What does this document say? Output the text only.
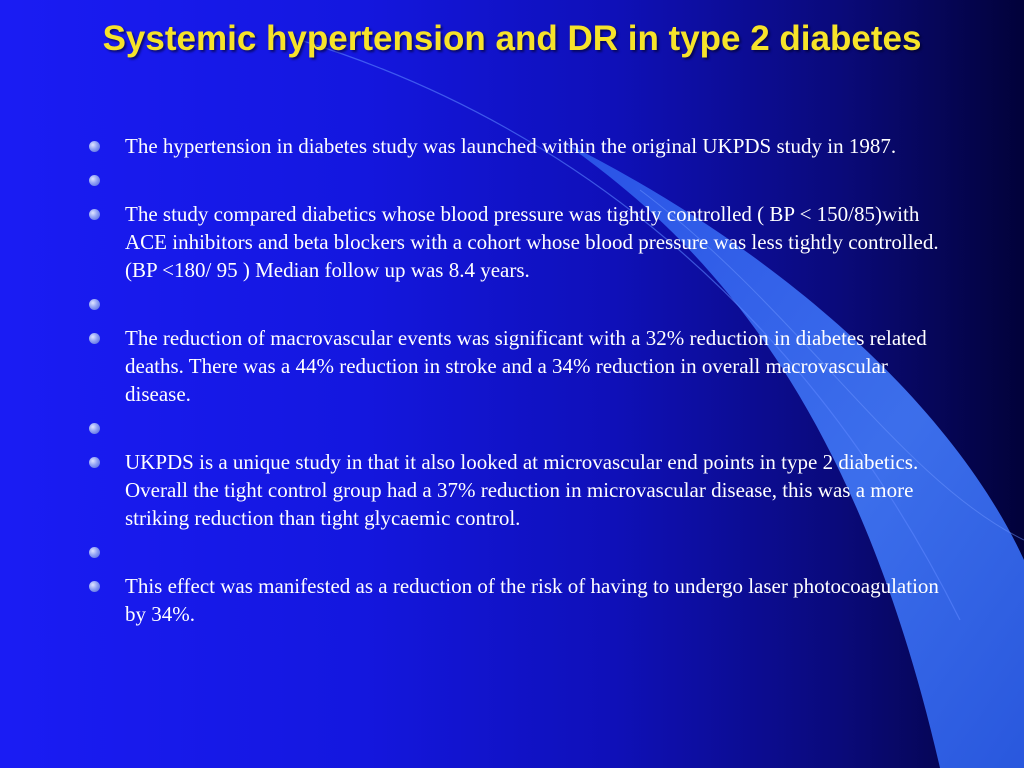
Systemic hypertension and DR in type 2 diabetes
The hypertension in diabetes study was launched within the original UKPDS study in 1987.
The study compared diabetics whose blood pressure was tightly controlled ( BP < 150/85)with ACE inhibitors and beta blockers with a cohort whose blood pressure was less tightly controlled. (BP <180/ 95 ) Median follow up was 8.4 years.
The reduction of macrovascular events was significant with a 32% reduction in diabetes related deaths. There was a 44% reduction in stroke and a 34% reduction in overall macrovascular disease.
UKPDS is a unique study in that it also looked at microvascular end points in type 2 diabetics. Overall the tight control group had a 37% reduction in microvascular disease, this was a more striking reduction than tight glycaemic control.
This effect was manifested as a reduction of the risk of having to undergo laser photocoagulation by 34%.
